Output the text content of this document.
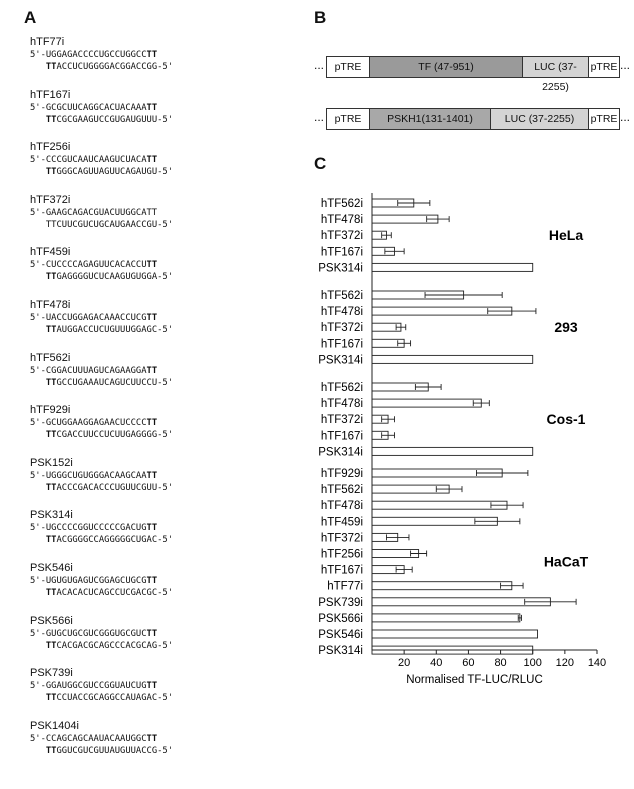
A	B
C
hTF77i
5'-UGGAGACCCCUGCCUGGCCTT
TTACCUCUGGGGACGGACCGG-5'
hTF167i
5'-GCGCUUCAGGCACUACAAATT
TTCGCGAAGUCCGUGAUGUUU-5'
hTF256i
5'-CCCGUCAAUCAAGUCUACATT
TTGGGCAGUUAGUUCAGAUGU-5'
hTF372i
5'-GAAGCAGACGUACUUGGCATT
TTCUUCGUCUGCAUGAACCGU-5'
hTF459i
5'-CUCCCCAGAGUUCACACCUTT
TTGAGGGGUCUCAAGUGUGGA-5'
hTF478i
5'-UACCUGGAGACAAACCUCGTT
TTAUGGACCUCUGUUUGGAGC-5'
hTF562i
5'-CGGACUUUAGUCAGAAGGATT
TTGCCUGAAAUCAGUCUUCCU-5'
hTF929i
5'-GCUGGAAGGAGAACUCCCCTT
TTCGACCUUCCUCUUGAGGGG-5'
PSK152i
5'-UGGGCUGUGGGACAAGCAATT
TTACCCGACACCCUGUUCGUU-5'
PSK314i
5'-UGCCCCGGUCCCCCGACUGTT
TTACGGGGCCAGGGGGCUGAC-5'
PSK546i
5'-UGUGUGAGUCGGAGCUGCGTT
TTACACACUCAGCCUCGACGC-5'
PSK566i
5'-GUGCUGCGUCGGGUGCGUCTT
TTCACGACGCAGCCCACGCAG-5'
PSK739i
5'-GGAUGGCGUCCGGUAUCUGTT
TTCCUACCGCAGGCCAUAGAC-5'
PSK1404i
5'-CCAGCAGCAAUACAAUGGCTT
TTGGUCGUCGUUAUGUUACCG-5'
...	pTRE	TF (47-951)	LUC (37-2255)
...
pTRE
...	pTRE	PSKH1(131-1401)	LUC (37-2255)	...
pTRE
hTF562i
hTF478i
hTF372i
hTF167i
PSK314i
HeLa
hTF562i
hTF478i
hTF372i
hTF167i
PSK314i
293
hTF562i
hTF478i
hTF372i
hTF167i
PSK314i
Cos-1
hTF929i
hTF562i
hTF478i
hTF459i
hTF372i
hTF256i
hTF167i
hTF77i
PSK739i
PSK566i
PSK546i
PSK314i
HaCaT
20 40 60 80 100 120 140
Normalised TF-LUC/RLUC
